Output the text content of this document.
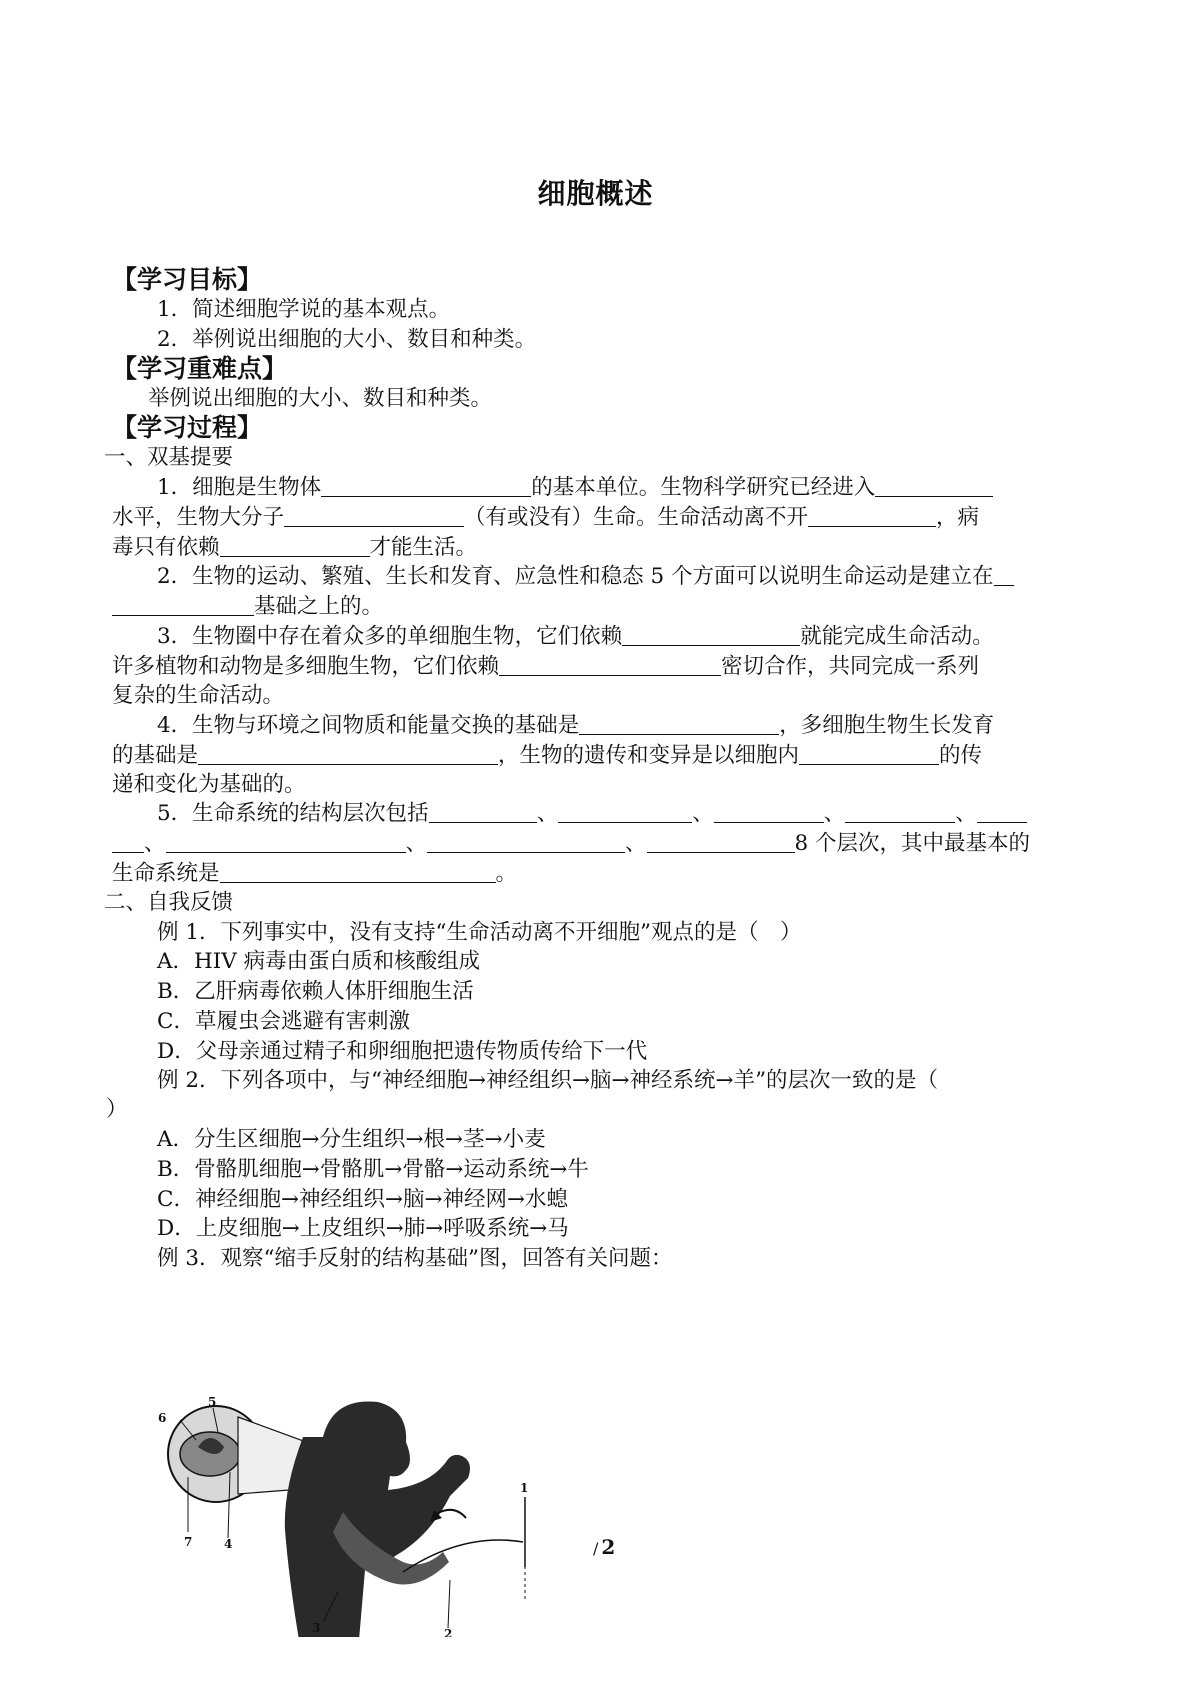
细胞概述
【学习目标】
1．简述细胞学说的基本观点。
2．举例说出细胞的大小、数目和种类。
【学习重难点】
举例说出细胞的大小、数目和种类。
【学习过程】
一、双基提要
1．细胞是生物体	的基本单位。生物科学研究已经进入
水平，生物大分子	（有或没有）生命。生命活动离不开	，病
毒只有依赖	才能生活。
2．生物的运动、繁殖、生长和发育、应急性和稳态 5 个方面可以说明生命运动是建立在
基础之上的。
3．生物圈中存在着众多的单细胞生物，它们依赖	就能完成生命活动。
许多植物和动物是多细胞生物，它们依赖	密切合作，共同完成一系列
复杂的生命活动。
4．生物与环境之间物质和能量交换的基础是	，多细胞生物生长发育
的基础是	，生物的遗传和变异是以细胞内	的传
递和变化为基础的。
5．生命系统的结构层次包括	、	、	、	、
、	、	、	8 个层次，其中最基本的
生命系统是	。
二、自我反馈
例 1．下列事实中，没有支持“生命活动离不开细胞”观点的是（　）
A．HIV 病毒由蛋白质和核酸组成
B．乙肝病毒依赖人体肝细胞生活
C．草履虫会逃避有害刺激
D．父母亲通过精子和卵细胞把遗传物质传给下一代
例 2．下列各项中，与“神经细胞→神经组织→脑→神经系统→羊”的层次一致的是（
）
A．分生区细胞→分生组织→根→茎→小麦
B．骨骼肌细胞→骨骼肌→骨骼→运动系统→牛
C．神经细胞→神经组织→脑→神经网→水螅
D．上皮细胞→上皮组织→肺→呼吸系统→马
例 3．观察“缩手反射的结构基础”图，回答有关问题：
5
6
7	4
1
3	2
/ 2
